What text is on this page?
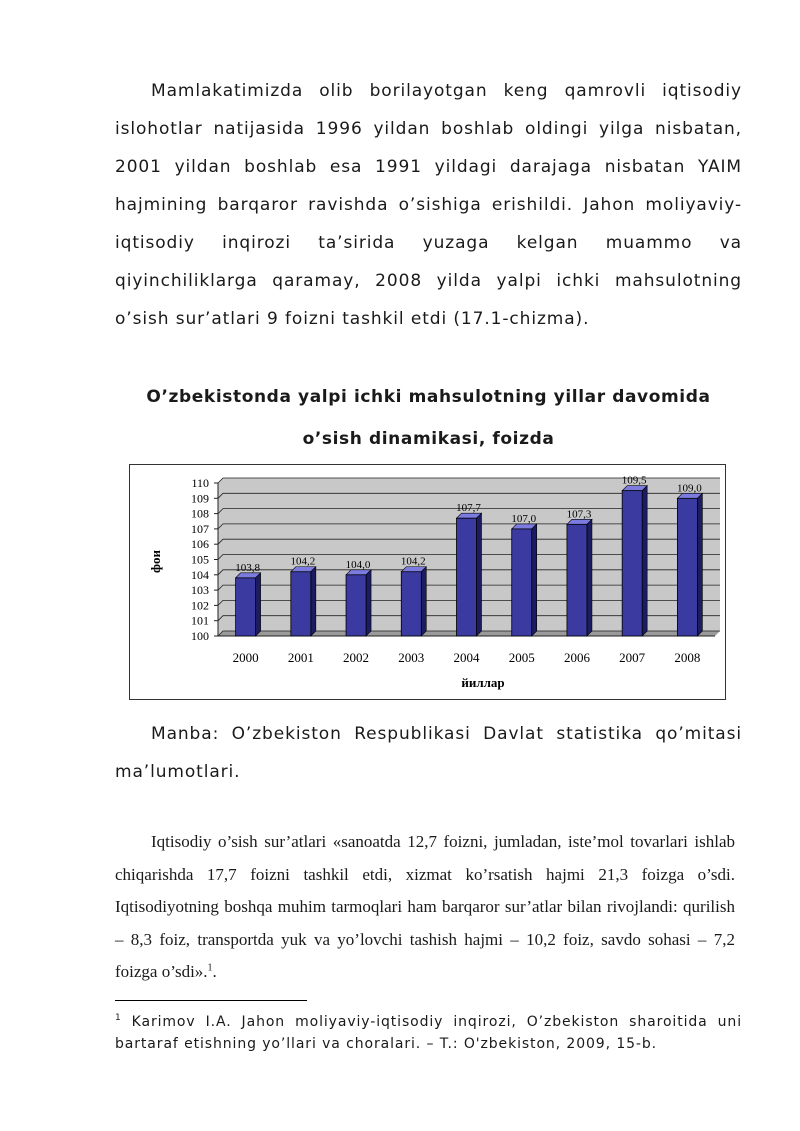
Mamlakatimizda olib borilayotgan keng qamrovli iqtisodiy islohotlar natijasida 1996 yildan boshlab oldingi yilga nisbatan, 2001 yildan boshlab esa 1991 yildagi darajaga nisbatan YAIM hajmining barqaror ravishda o’sishiga erishildi. Jahon moliyaviy-iqtisodiy inqirozi ta’sirida yuzaga kelgan muammo va qiyinchiliklarga qaramay, 2008 yilda yalpi ichki mahsulotning o’sish sur’atlari 9 foizni tashkil etdi (17.1-chizma).

O’zbekistonda yalpi ichki mahsulotning yillar davomida
o’sish dinamikasi, foizda

100
101
102
103
104
105
106
107
108
109
110
103,8
2000
104,2
2001
104,0
2002
104,2
2003
107,7
2004
107,0
2005
107,3
2006
109,5
2007
109,0
2008
йиллар
фои

Manba: O’zbekiston Respublikasi Davlat statistika qo’mitasi ma’lumotlari.

Iqtisodiy o’sish sur’atlari «sanoatda 12,7 foizni, jumladan, iste’mol tovarlari ishlab chiqarishda 17,7 foizni tashkil etdi, xizmat ko’rsatish hajmi 21,3 foizga o’sdi. Iqtisodiyotning boshqa muhim tarmoqlari ham barqaror sur’atlar bilan rivojlandi: qurilish – 8,3 foiz, transportda yuk va yo’lovchi tashish hajmi – 10,2 foiz, savdo sohasi – 7,2 foizga o’sdi».$^1$.

$^1$ Karimov I.A. Jahon moliyaviy-iqtisodiy inqirozi, O’zbekiston sharoitida uni bartaraf etishning yo’llari va choralari. – T.: O'zbekiston, 2009, 15-b.
